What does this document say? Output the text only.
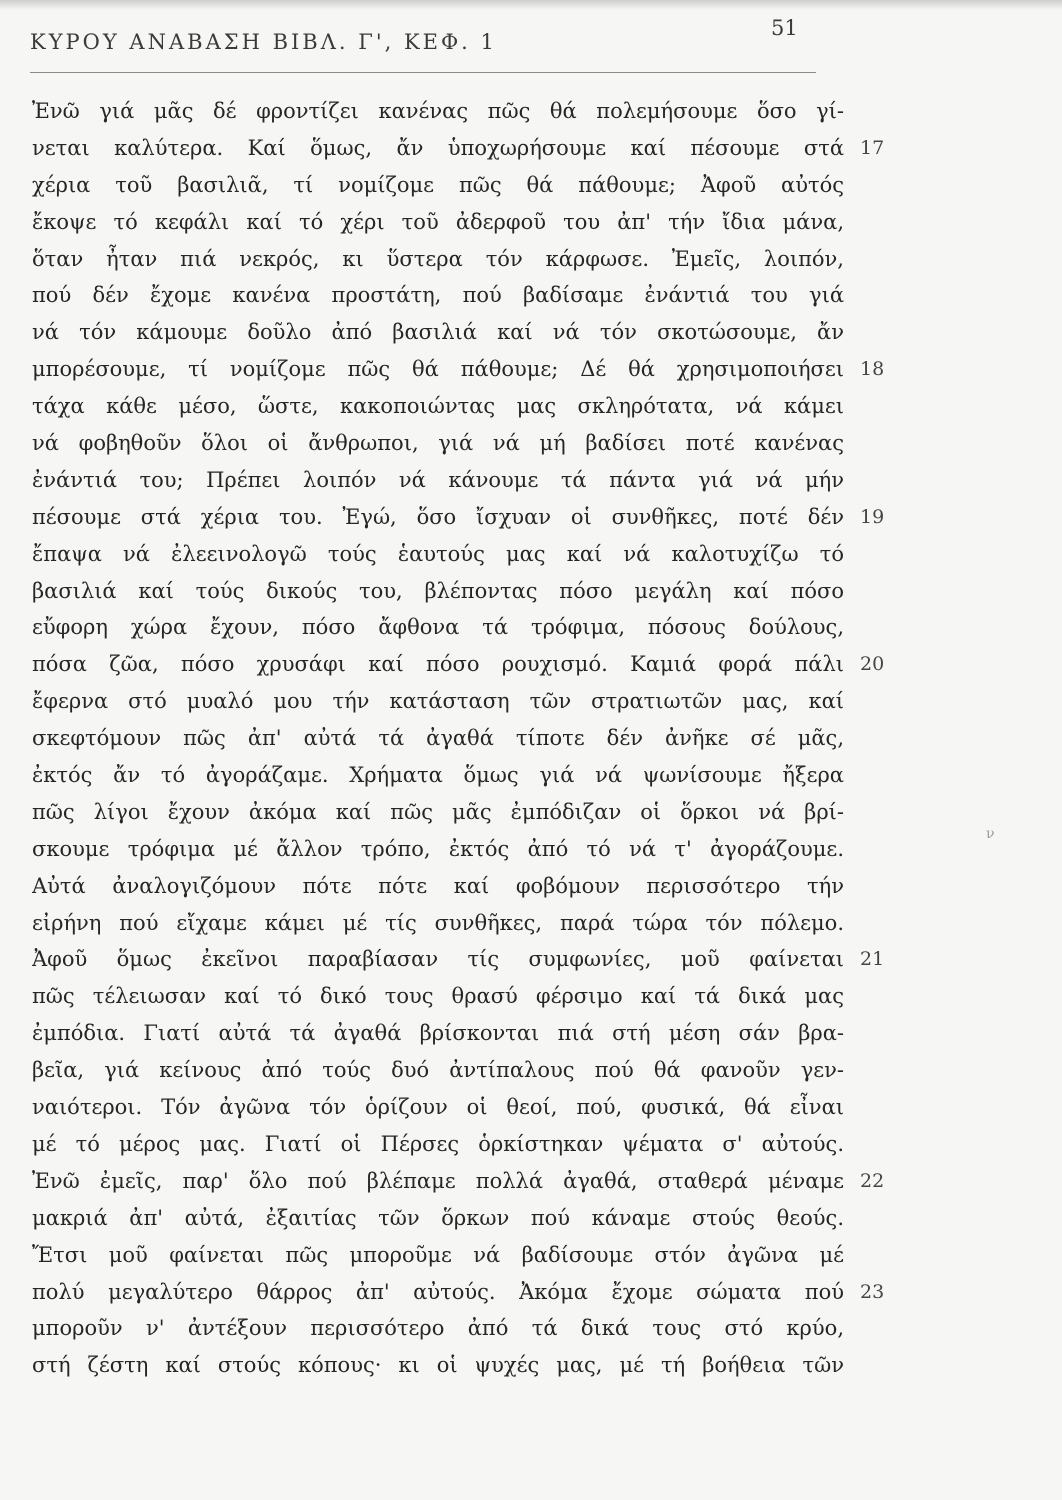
ΚΥΡΟΥ ΑΝΑΒΑΣΗ ΒΙΒΛ. Γ', ΚΕΦ. 1
51
Ἐνῶ γιά μᾶς δέ φροντίζει κανένας πῶς θά πολεμήσουμε ὅσο γί-
νεται καλύτερα. Καί ὅμως, ἄν ὑποχωρήσουμε καί πέσουμε στά 17
χέρια τοῦ βασιλιᾶ, τί νομίζομε πῶς θά πάθουμε; Ἀφοῦ αὐτός
ἔκοψε τό κεφάλι καί τό χέρι τοῦ ἀδερφοῦ του ἀπ' τήν ἴδια μάνα,
ὅταν ἦταν πιά νεκρός, κι ὕστερα τόν κάρφωσε. Ἐμεῖς, λοιπόν,
πού δέν ἔχομε κανένα προστάτη, πού βαδίσαμε ἐνάντιά του γιά
νά τόν κάμουμε δοῦλο ἀπό βασιλιά καί νά τόν σκοτώσουμε, ἄν
μπορέσουμε, τί νομίζομε πῶς θά πάθουμε; Δέ θά χρησιμοποιήσει 18
τάχα κάθε μέσο, ὥστε, κακοποιώντας μας σκληρότατα, νά κάμει
νά φοβηθοῦν ὅλοι οἱ ἄνθρωποι, γιά νά μή βαδίσει ποτέ κανένας
ἐνάντιά του; Πρέπει λοιπόν νά κάνουμε τά πάντα γιά νά μήν
πέσουμε στά χέρια του. Ἐγώ, ὅσο ἴσχυαν οἱ συνθῆκες, ποτέ δέν 19
ἔπαψα νά ἐλεεινολογῶ τούς ἑαυτούς μας καί νά καλοτυχίζω τό
βασιλιά καί τούς δικούς του, βλέποντας πόσο μεγάλη καί πόσο
εὔφορη χώρα ἔχουν, πόσο ἄφθονα τά τρόφιμα, πόσους δούλους,
πόσα ζῶα, πόσο χρυσάφι καί πόσο ρουχισμό. Καμιά φορά πάλι 20
ἔφερνα στό μυαλό μου τήν κατάσταση τῶν στρατιωτῶν μας, καί
σκεφτόμουν πῶς ἀπ' αὐτά τά ἀγαθά τίποτε δέν ἀνῆκε σέ μᾶς,
ἐκτός ἄν τό ἀγοράζαμε. Χρήματα ὅμως γιά νά ψωνίσουμε ἤξερα
πῶς λίγοι ἔχουν ἀκόμα καί πῶς μᾶς ἐμπόδιζαν οἱ ὅρκοι νά βρί-
σκουμε τρόφιμα μέ ἄλλον τρόπο, ἐκτός ἀπό τό νά τ' ἀγοράζουμε.
Αὐτά ἀναλογιζόμουν πότε πότε καί φοβόμουν περισσότερο τήν
εἰρήνη πού εἴχαμε κάμει μέ τίς συνθῆκες, παρά τώρα τόν πόλεμο.
Ἀφοῦ ὅμως ἐκεῖνοι παραβίασαν τίς συμφωνίες, μοῦ φαίνεται 21
πῶς τέλειωσαν καί τό δικό τους θρασύ φέρσιμο καί τά δικά μας
ἐμπόδια. Γιατί αὐτά τά ἀγαθά βρίσκονται πιά στή μέση σάν βρα-
βεῖα, γιά κείνους ἀπό τούς δυό ἀντίπαλους πού θά φανοῦν γεν-
ναιότεροι. Τόν ἀγῶνα τόν ὁρίζουν οἱ θεοί, πού, φυσικά, θά εἶναι
μέ τό μέρος μας. Γιατί οἱ Πέρσες ὁρκίστηκαν ψέματα σ' αὐτούς.
Ἐνῶ ἐμεῖς, παρ' ὅλο πού βλέπαμε πολλά ἀγαθά, σταθερά μέναμε 22
μακριά ἀπ' αὐτά, ἐξαιτίας τῶν ὅρκων πού κάναμε στούς θεούς.
Ἔτσι μοῦ φαίνεται πῶς μποροῦμε νά βαδίσουμε στόν ἀγῶνα μέ
πολύ μεγαλύτερο θάρρος ἀπ' αὐτούς. Ἀκόμα ἔχομε σώματα πού 23
μποροῦν ν' ἀντέξουν περισσότερο ἀπό τά δικά τους στό κρύο,
στή ζέστη καί στούς κόπους· κι οἱ ψυχές μας, μέ τή βοήθεια τῶν
ν
